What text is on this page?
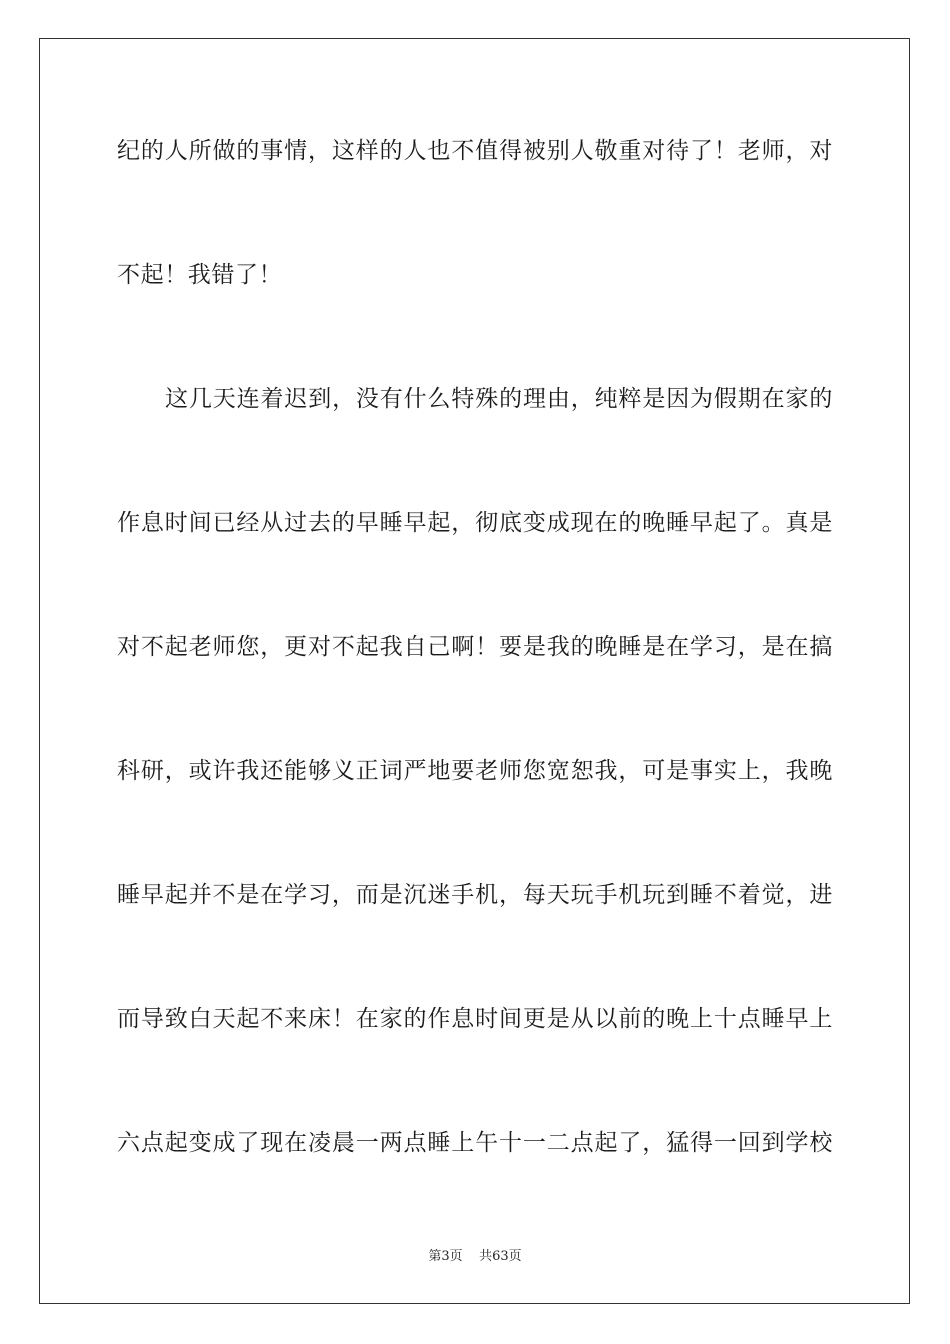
纪的人所做的事情，这样的人也不值得被别人敬重对待了！老师，对
不起！我错了！
这几天连着迟到，没有什么特殊的理由，纯粹是因为假期在家的
作息时间已经从过去的早睡早起，彻底变成现在的晚睡早起了。真是
对不起老师您，更对不起我自己啊！要是我的晚睡是在学习，是在搞
科研，或许我还能够义正词严地要老师您宽恕我，可是事实上，我晚
睡早起并不是在学习，而是沉迷手机，每天玩手机玩到睡不着觉，进
而导致白天起不来床！在家的作息时间更是从以前的晚上十点睡早上
六点起变成了现在凌晨一两点睡上午十一二点起了，猛得一回到学校
第3页 共63页
